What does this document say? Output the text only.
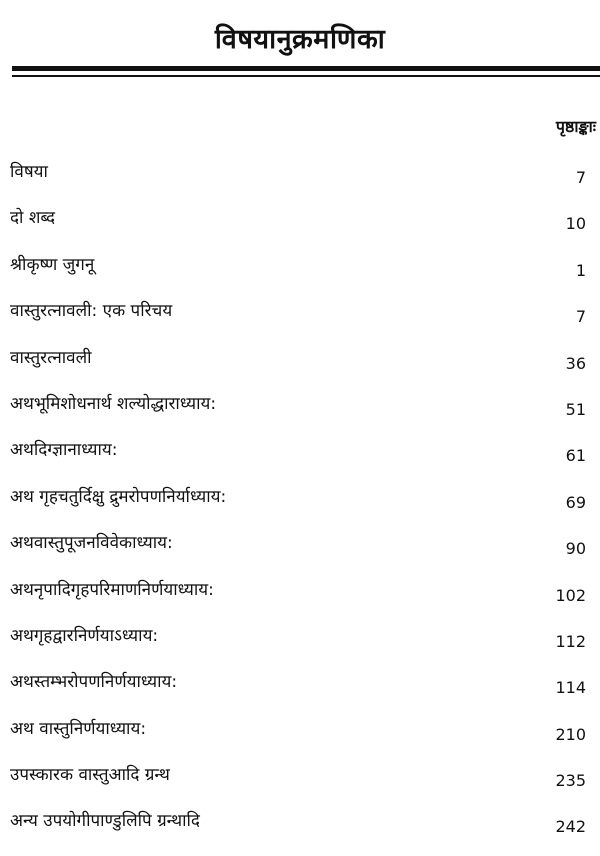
विषयानुक्रमणिका
पृष्ठाङ्काः
विषया	7
दो शब्द	10
श्रीकृष्ण जुगनू	1
वास्तुरत्नावली: एक परिचय	7
वास्तुरत्नावली	36
अथभूमिशोधनार्थ शल्योद्धाराध्याय:	51
अथदिग्ज्ञानाध्याय:	61
अथ गृहचतुर्दिक्षु द्रुमरोपणनिर्याध्याय:	69
अथवास्तुपूजनविवेकाध्याय:	90
अथनृपादिगृहपरिमाणनिर्णयाध्याय:	102
अथगृहद्वारनिर्णयाऽध्याय:	112
अथस्तम्भरोपणनिर्णयाध्याय:	114
अथ वास्तुनिर्णयाध्याय:	210
उपस्कारक वास्तुआदि ग्रन्थ	235
अन्य उपयोगीपाण्डुलिपि ग्रन्थादि	242
